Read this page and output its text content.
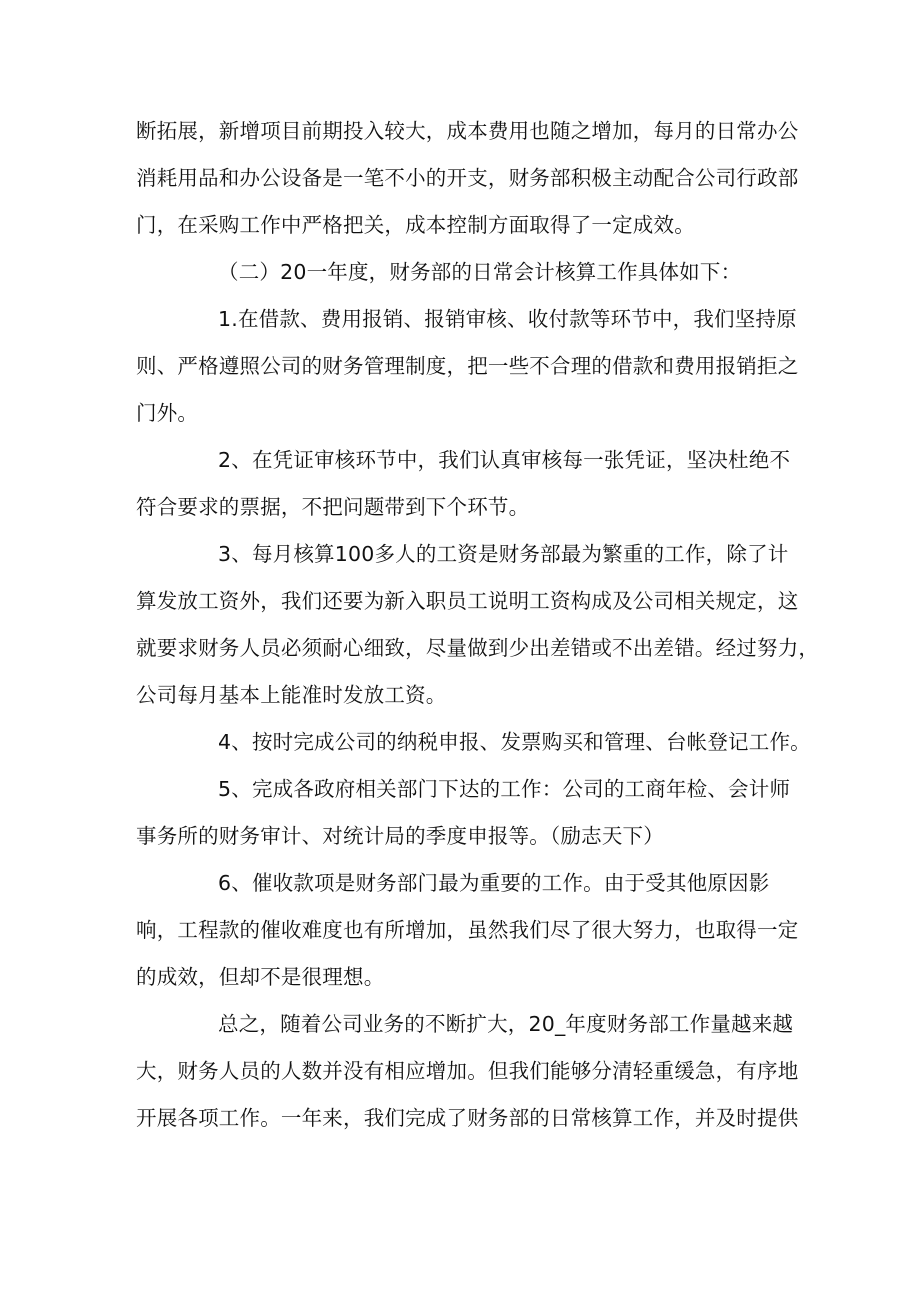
断拓展，新增项目前期投入较大，成本费用也随之增加，每月的日常办公
消耗用品和办公设备是一笔不小的开支，财务部积极主动配合公司行政部
门，在采购工作中严格把关，成本控制方面取得了一定成效。

（二）20一年度，财务部的日常会计核算工作具体如下：

1.在借款、费用报销、报销审核、收付款等环节中，我们坚持原
则、严格遵照公司的财务管理制度，把一些不合理的借款和费用报销拒之
门外。

2、在凭证审核环节中，我们认真审核每一张凭证，坚决杜绝不
符合要求的票据，不把问题带到下个环节。

3、每月核算100多人的工资是财务部最为繁重的工作，除了计
算发放工资外，我们还要为新入职员工说明工资构成及公司相关规定，这
就要求财务人员必须耐心细致，尽量做到少出差错或不出差错。经过努力，
公司每月基本上能准时发放工资。

4、按时完成公司的纳税申报、发票购买和管理、台帐登记工作。

5、完成各政府相关部门下达的工作：公司的工商年检、会计师
事务所的财务审计、对统计局的季度申报等。（励志天下）

6、催收款项是财务部门最为重要的工作。由于受其他原因影
响，工程款的催收难度也有所增加，虽然我们尽了很大努力，也取得一定
的成效，但却不是很理想。

总之，随着公司业务的不断扩大，20_年度财务部工作量越来越
大，财务人员的人数并没有相应增加。但我们能够分清轻重缓急，有序地
开展各项工作。一年来，我们完成了财务部的日常核算工作，并及时提供
